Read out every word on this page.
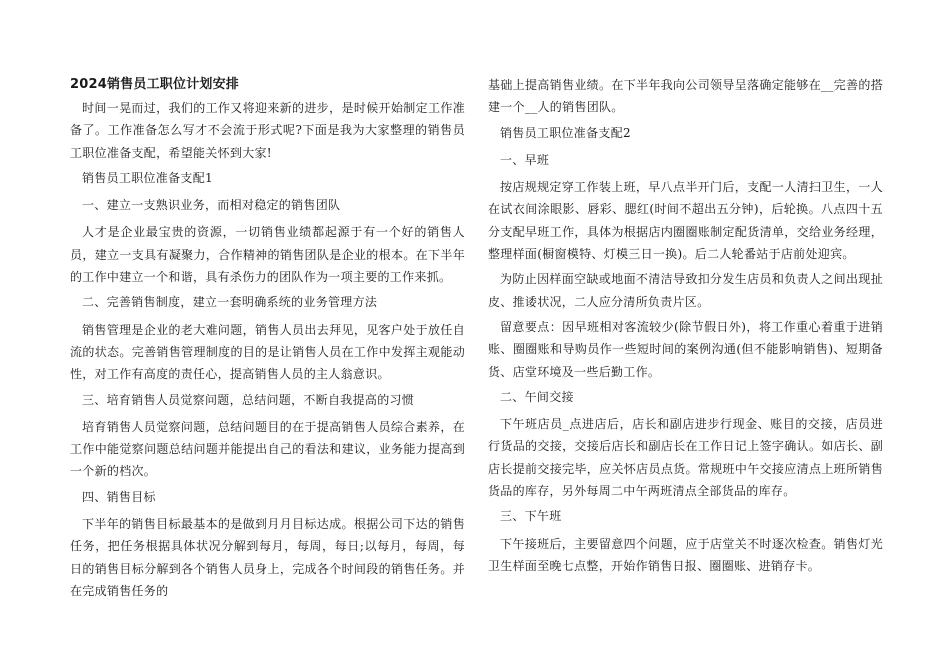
2024销售员工职位计划安排

时间一晃而过，我们的工作又将迎来新的进步，是时候开始制定工作准备了。工作准备怎么写才不会流于形式呢?下面是我为大家整理的销售员工职位准备支配，希望能关怀到大家!

销售员工职位准备支配1

一、建立一支熟识业务，而相对稳定的销售团队

人才是企业最宝贵的资源，一切销售业绩都起源于有一个好的销售人员，建立一支具有凝聚力，合作精神的销售团队是企业的根本。在下半年的工作中建立一个和谐，具有杀伤力的团队作为一项主要的工作来抓。

二、完善销售制度，建立一套明确系统的业务管理方法

销售管理是企业的老大难问题，销售人员出去拜见，见客户处于放任自流的状态。完善销售管理制度的目的是让销售人员在工作中发挥主观能动性，对工作有高度的责任心，提高销售人员的主人翁意识。

三、培育销售人员觉察问题，总结问题，不断自我提高的习惯

培育销售人员觉察问题，总结问题目的在于提高销售人员综合素养，在工作中能觉察问题总结问题并能提出自己的看法和建议，业务能力提高到一个新的档次。

四、销售目标

下半年的销售目标最基本的是做到月月目标达成。根据公司下达的销售任务，把任务根据具体状况分解到每月，每周，每日;以每月，每周，每日的销售目标分解到各个销售人员身上，完成各个时间段的销售任务。并在完成销售任务的

基础上提高销售业绩。在下半年我向公司领导呈落确定能够在__完善的搭建一个__人的销售团队。

销售员工职位准备支配2

一、早班

按店规规定穿工作装上班，早八点半开门后，支配一人清扫卫生，一人在试衣间涂眼影、唇彩、腮红(时间不超出五分钟)，后轮换。八点四十五分支配早班工作，具体为根据店内圈圈账制定配货清单，交给业务经理，整理样面(橱窗模特、灯模三日一换)。后二人轮番站于店前处迎宾。

为防止因样面空缺或地面不清洁导致扣分发生店员和负责人之间出现扯皮、推诿状况，二人应分清所负责片区。

留意要点：因早班相对客流较少(除节假日外)，将工作重心着重于进销账、圈圈账和导购员作一些短时间的案例沟通(但不能影响销售)、短期备货、店堂环境及一些后勤工作。

二、午间交接

下午班店员_点进店后，店长和副店进步行现金、账目的交接，店员进行货品的交接，交接后店长和副店长在工作日记上签字确认。如店长、副店长提前交接完毕，应关怀店员点货。常规班中午交接应清点上班所销售货品的库存，另外每周二中午两班清点全部货品的库存。

三、下午班

下午接班后，主要留意四个问题，应于店堂关不时逐次检查。销售灯光卫生样面至晚七点整，开始作销售日报、圈圈账、进销存卡。
